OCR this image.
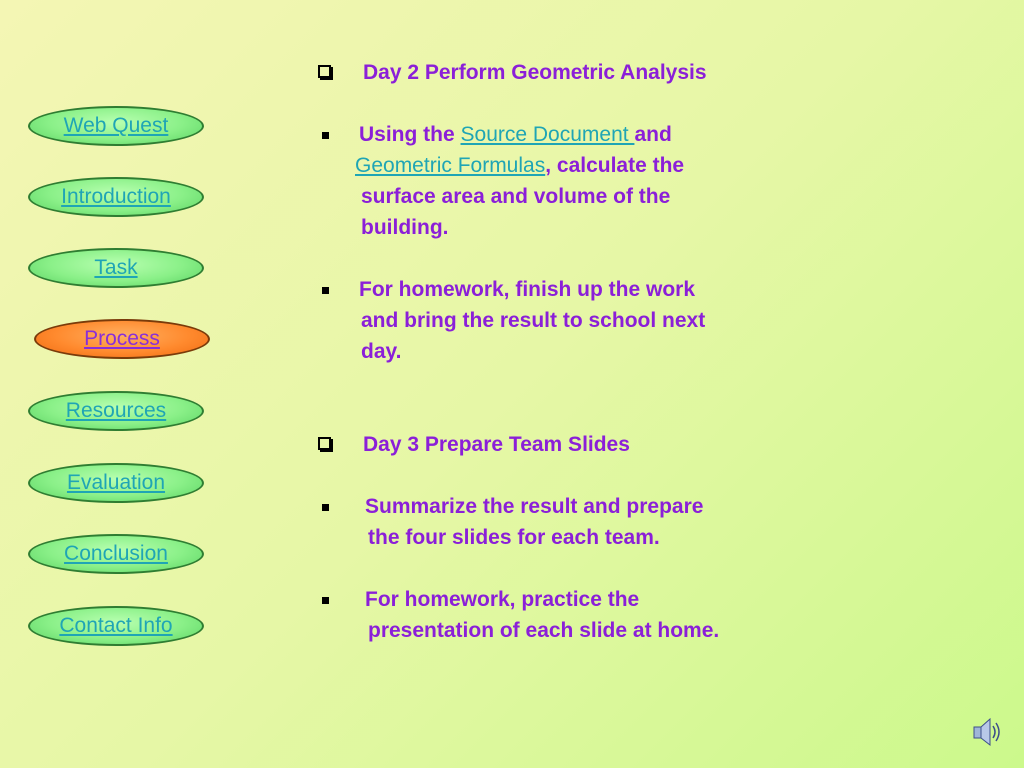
Web Quest
Introduction
Task
Process
Resources
Evaluation
Conclusion
Contact Info
Day 2 Perform Geometric Analysis
Using the Source Document and
Geometric Formulas, calculate the
surface area and volume of the
building.
For homework, finish up the work
and bring the result to school next
day.
Day 3 Prepare Team Slides
Summarize the result and prepare
the four slides for each team.
For homework, practice the
presentation of each slide at home.
